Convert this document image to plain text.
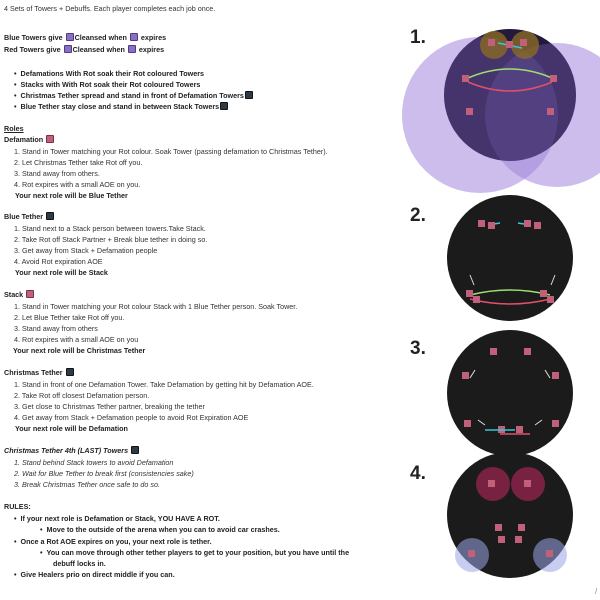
4 Sets of Towers + Debuffs. Each player completes each job once.
Blue Towers give Cleansed when expires
Red Towers give Cleansed when expires
•  Defamations With Rot soak their Rot coloured Towers
•  Stacks with With Rot soak their Rot coloured Towers
•  Christmas Tether spread and stand in front of Defamation Towers
•  Blue Tether stay close and stand in between Stack Towers
Roles
Defamation
1. Stand in Tower matching your Rot colour. Soak Tower (passing defamation to Christmas Tether).
2. Let Christmas Tether take Rot off you.
3. Stand away from others.
4. Rot expires with a small AOE on you.
Your next role will be Blue Tether
Blue Tether
1. Stand next to a Stack person between towers.Take Stack.
2. Take Rot off Stack Partner + Break blue tether in doing so.
3. Get away from Stack + Defamation people
4. Avoid Rot expiration AOE
Your next role will be Stack
Stack
1. Stand in Tower matching your Rot colour Stack with 1 Blue Tether person. Soak Tower.
2. Let Blue Tether take Rot off you.
3. Stand away from others
4. Rot expires with a small AOE on you
Your next role will be Christmas Tether
Christmas Tether
1. Stand in front of one Defamation Tower. Take Defamation by getting hit by Defamation AOE.
2. Take Rot off closest Defamation person.
3. Get close to Christmas Tether partner, breaking the tether
4. Get away from Stack + Defamation people to avoid Rot Expiration AOE
Your next role will be Defamation
Christmas Tether 4th (LAST) Towers
1. Stand behind Stack towers to avoid Defamation
2. Wait for Blue Tether to break first (consistencies sake)
3. Break Christmas Tether once safe to do so.
RULES:
•  If your next role is Defamation or Stack, YOU HAVE A ROT.
•  Move to the outside of the arena when you can to avoid car crashes.
•  Once a Rot AOE expires on you, your next role is tether.
•  You can move through other tether players to get to your position, but you have until the
debuff locks in.
•  Give Healers prio on direct middle if you can.
1.
2.
3.
4.
/
